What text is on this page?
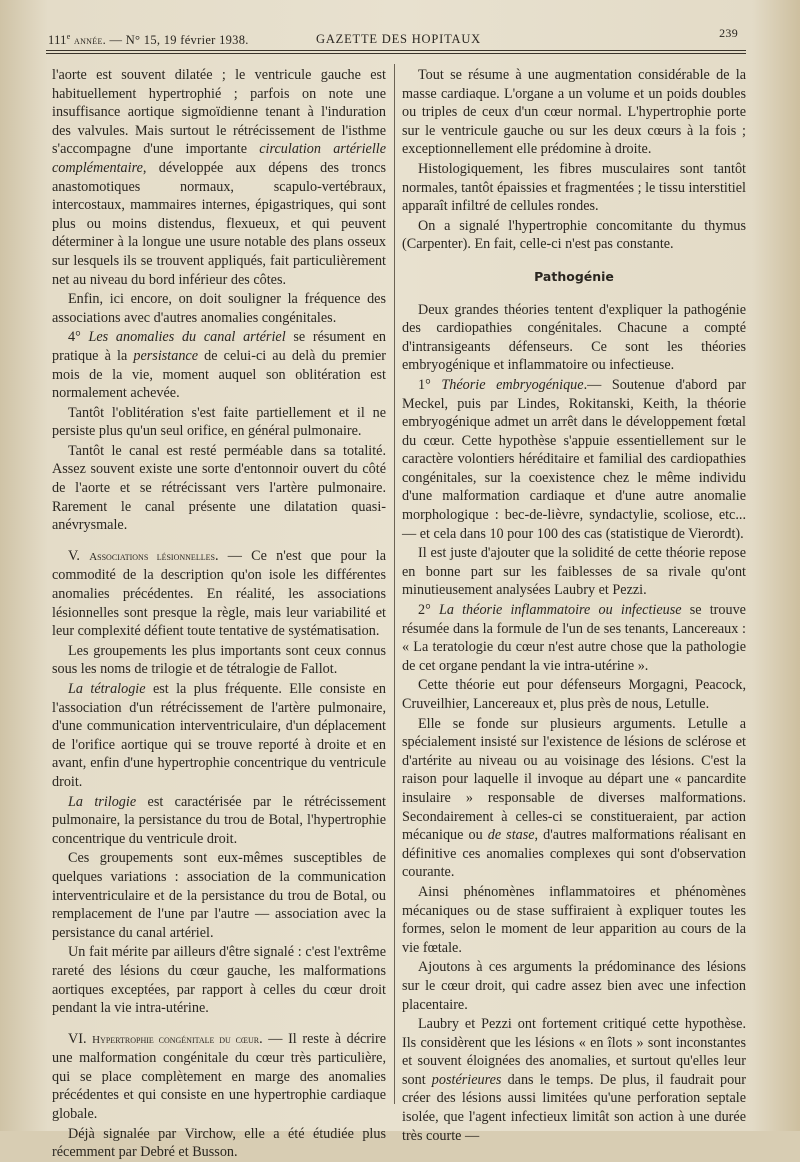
111e année. — N° 15, 19 février 1938.	GAZETTE DES HOPITAUX	239

l'aorte est souvent dilatée ; le ventricule gauche est habituellement hypertrophié ; parfois on note une insuffisance aortique sigmoïdienne tenant à l'induration des valvules. Mais surtout le rétrécissement de l'isthme s'accompagne d'une importante circulation artérielle complémentaire, développée aux dépens des troncs anastomotiques normaux, scapulo-vertébraux, intercostaux, mammaires internes, épigastriques, qui sont plus ou moins distendus, flexueux, et qui peuvent déterminer à la longue une usure notable des plans osseux sur lesquels ils se trouvent appliqués, fait particulièrement net au niveau du bord inférieur des côtes.

Enfin, ici encore, on doit souligner la fréquence des associations avec d'autres anomalies congénitales.

4° Les anomalies du canal artériel se résument en pratique à la persistance de celui-ci au delà du premier mois de la vie, moment auquel son oblitération est normalement achevée.

Tantôt l'oblitération s'est faite partiellement et il ne persiste plus qu'un seul orifice, en général pulmonaire.

Tantôt le canal est resté perméable dans sa totalité. Assez souvent existe une sorte d'entonnoir ouvert du côté de l'aorte et se rétrécissant vers l'artère pulmonaire. Rarement le canal présente une dilatation quasi-anévrysmale.

V. Associations lésionnelles. — Ce n'est que pour la commodité de la description qu'on isole les différentes anomalies précédentes. En réalité, les associations lésionnelles sont presque la règle, mais leur variabilité et leur complexité défient toute tentative de systématisation.

Les groupements les plus importants sont ceux connus sous les noms de trilogie et de tétralogie de Fallot.

La tétralogie est la plus fréquente. Elle consiste en l'association d'un rétrécissement de l'artère pulmonaire, d'une communication interventriculaire, d'un déplacement de l'orifice aortique qui se trouve reporté à droite et en avant, enfin d'une hypertrophie concentrique du ventricule droit.

La trilogie est caractérisée par le rétrécissement pulmonaire, la persistance du trou de Botal, l'hypertrophie concentrique du ventricule droit.

Ces groupements sont eux-mêmes susceptibles de quelques variations : association de la communication interventriculaire et de la persistance du trou de Botal, ou remplacement de l'une par l'autre — association avec la persistance du canal artériel.

Un fait mérite par ailleurs d'être signalé : c'est l'extrême rareté des lésions du cœur gauche, les malformations aortiques exceptées, par rapport à celles du cœur droit pendant la vie intra-utérine.

VI. Hypertrophie congénitale du cœur. — Il reste à décrire une malformation congénitale du cœur très particulière, qui se place complètement en marge des anomalies précédentes et qui consiste en une hypertrophie cardiaque globale.

Déjà signalée par Virchow, elle a été étudiée plus récemment par Debré et Busson.

Tout se résume à une augmentation considérable de la masse cardiaque. L'organe a un volume et un poids doubles ou triples de ceux d'un cœur normal. L'hypertrophie porte sur le ventricule gauche ou sur les deux cœurs à la fois ; exceptionnellement elle prédomine à droite.

Histologiquement, les fibres musculaires sont tantôt normales, tantôt épaissies et fragmentées ; le tissu interstitiel apparaît infiltré de cellules rondes.

On a signalé l'hypertrophie concomitante du thymus (Carpenter). En fait, celle-ci n'est pas constante.

Pathogénie

Deux grandes théories tentent d'expliquer la pathogénie des cardiopathies congénitales. Chacune a compté d'intransigeants défenseurs. Ce sont les théories embryogénique et inflammatoire ou infectieuse.

1° Théorie embryogénique.— Soutenue d'abord par Meckel, puis par Lindes, Rokitanski, Keith, la théorie embryogénique admet un arrêt dans le développement fœtal du cœur. Cette hypothèse s'appuie essentiellement sur le caractère volontiers héréditaire et familial des cardiopathies congénitales, sur la coexistence chez le même individu d'une malformation cardiaque et d'une autre anomalie morphologique : bec-de-lièvre, syndactylie, scoliose, etc... — et cela dans 10 pour 100 des cas (statistique de Vierordt).

Il est juste d'ajouter que la solidité de cette théorie repose en bonne part sur les faiblesses de sa rivale qu'ont minutieusement analysées Laubry et Pezzi.

2° La théorie inflammatoire ou infectieuse se trouve résumée dans la formule de l'un de ses tenants, Lancereaux : « La teratologie du cœur n'est autre chose que la pathologie de cet organe pendant la vie intra-utérine ».

Cette théorie eut pour défenseurs Morgagni, Peacock, Cruveilhier, Lancereaux et, plus près de nous, Letulle.

Elle se fonde sur plusieurs arguments. Letulle a spécialement insisté sur l'existence de lésions de sclérose et d'artérite au niveau ou au voisinage des lésions. C'est la raison pour laquelle il invoque au départ une « pancardite insulaire » responsable de diverses malformations. Secondairement à celles-ci se constitueraient, par action mécanique ou de stase, d'autres malformations réalisant en définitive ces anomalies complexes qui sont d'observation courante.

Ainsi phénomènes inflammatoires et phénomènes mécaniques ou de stase suffiraient à expliquer toutes les formes, selon le moment de leur apparition au cours de la vie fœtale.

Ajoutons à ces arguments la prédominance des lésions sur le cœur droit, qui cadre assez bien avec une infection placentaire.

Laubry et Pezzi ont fortement critiqué cette hypothèse. Ils considèrent que les lésions « en îlots » sont inconstantes et souvent éloignées des anomalies, et surtout qu'elles leur sont postérieures dans le temps. De plus, il faudrait pour créer des lésions aussi limitées qu'une perforation septale isolée, que l'agent infectieux limitât son action à une durée très courte —
